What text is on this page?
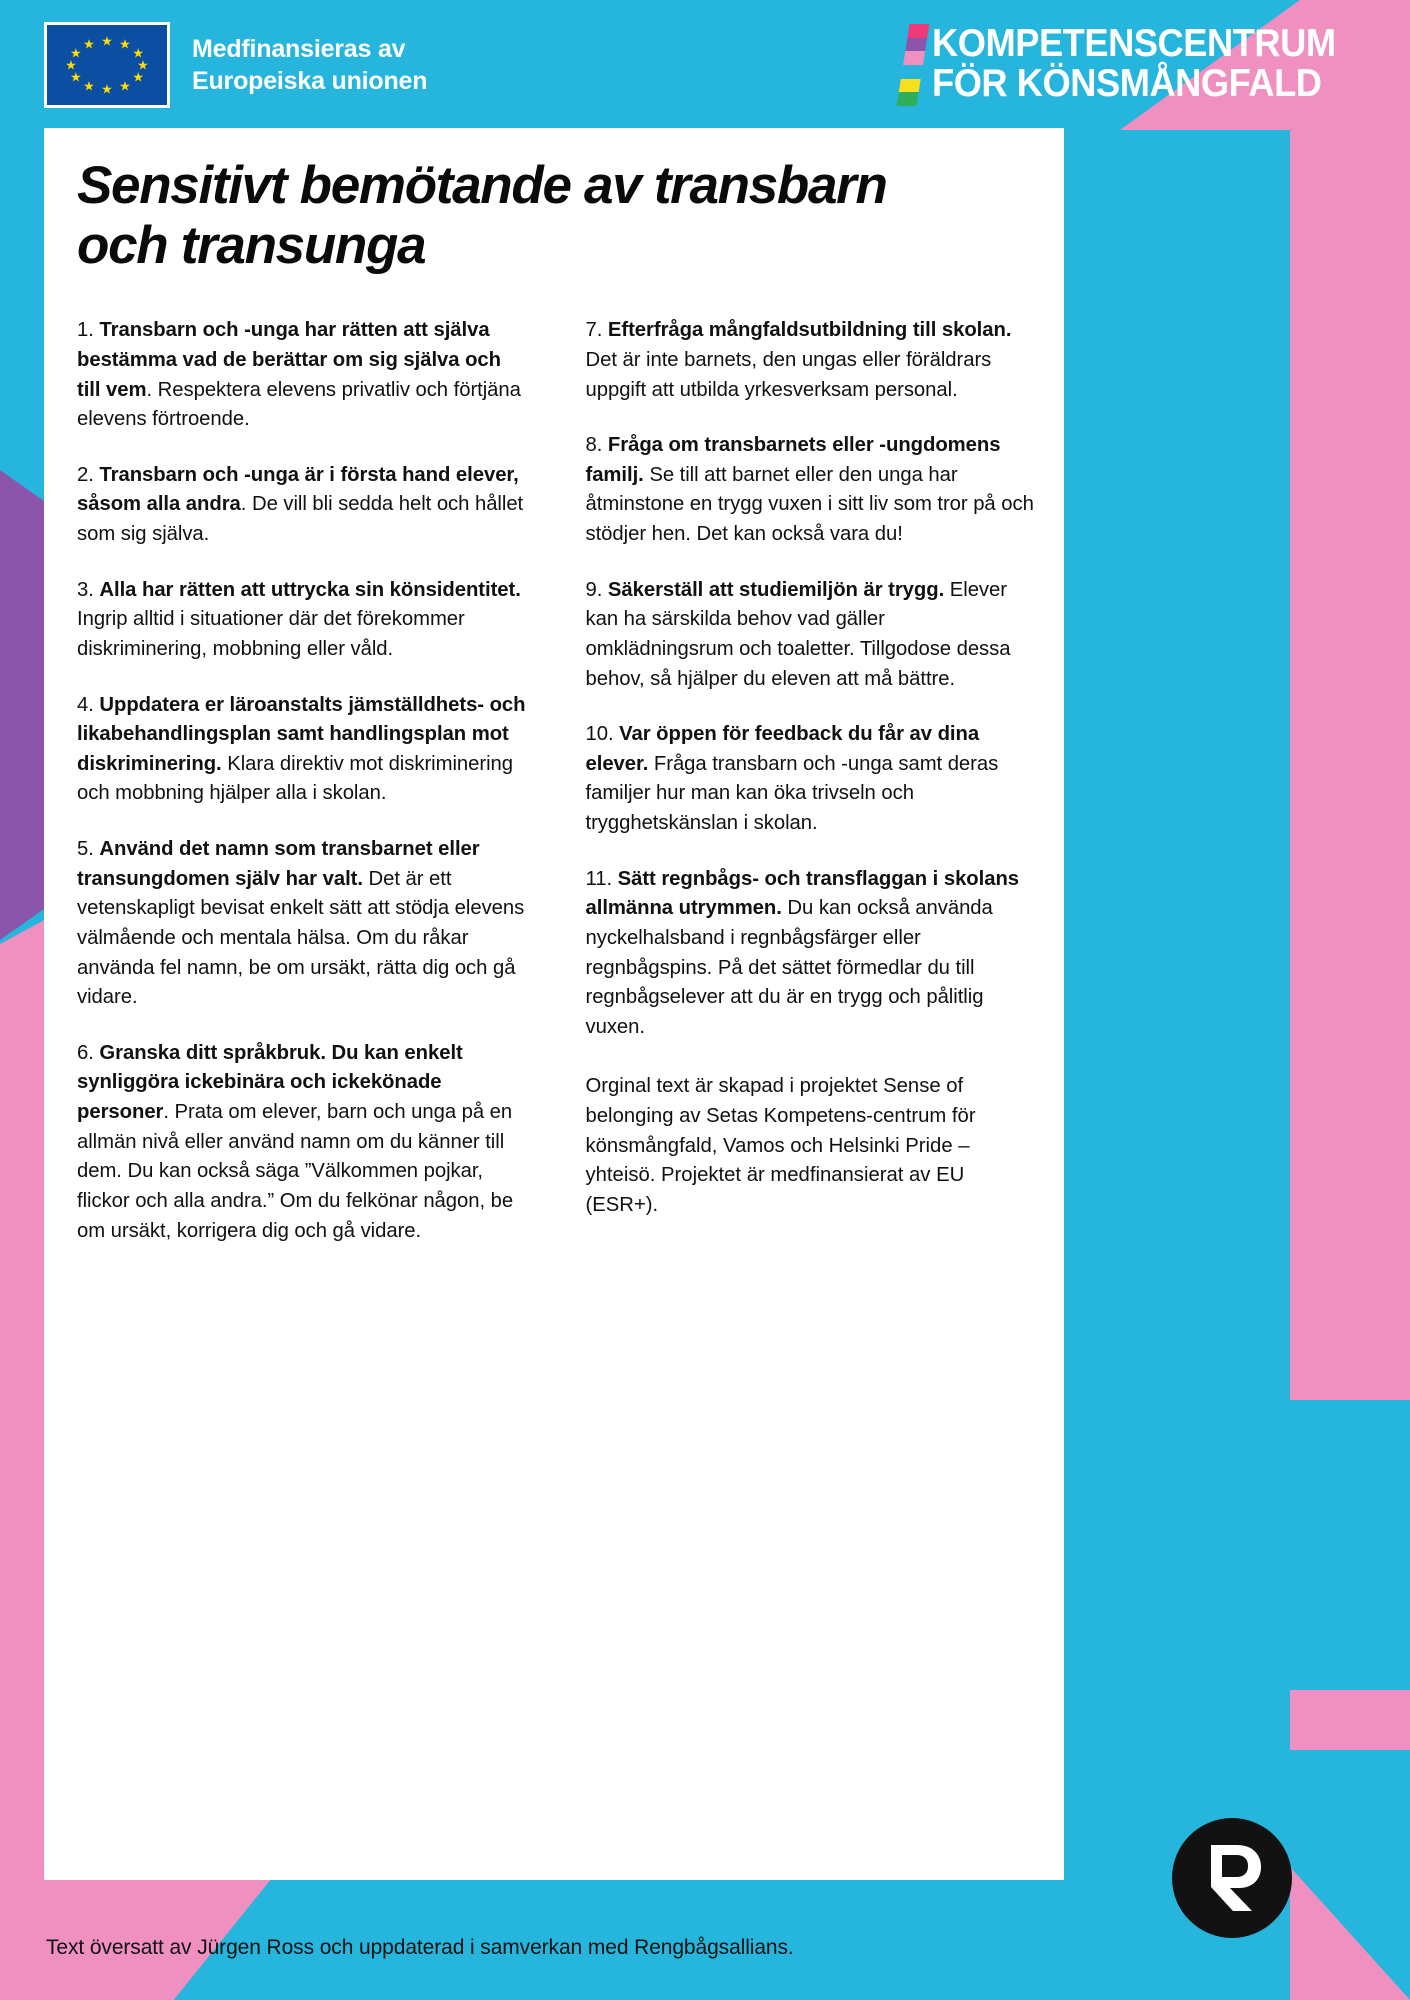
★ ★
★
★
★
★
★
★
★
★
★
★	Medfinansieras av
Europeiska unionen
KOMPETENSCENTRUM
FÖR KÖNSMÅNGFALD
Sensitivt bemötande av transbarn och transunga

1. Transbarn och -unga har rätten att själva bestämma vad de berättar om sig själva och till vem. Respektera elevens privatliv och förtjäna elevens förtroende.

2. Transbarn och -unga är i första hand elever, såsom alla andra. De vill bli sedda helt och hållet som sig själva.

3. Alla har rätten att uttrycka sin könsidentitet. Ingrip alltid i situationer där det förekommer diskriminering, mobbning eller våld.

4. Uppdatera er läroanstalts jämställdhets- och likabehandlingsplan samt handlingsplan mot diskriminering. Klara direktiv mot diskriminering och mobbning hjälper alla i skolan.

5. Använd det namn som transbarnet eller transungdomen själv har valt. Det är ett vetenskapligt bevisat enkelt sätt att stödja elevens välmående och mentala hälsa. Om du råkar använda fel namn, be om ursäkt, rätta dig och gå vidare.

6. Granska ditt språkbruk. Du kan enkelt synliggöra ickebinära och ickekönade personer. Prata om elever, barn och unga på en allmän nivå eller använd namn om du känner till dem. Du kan också säga ”Välkommen pojkar, flickor och alla andra.” Om du felkönar någon, be om ursäkt, korrigera dig och gå vidare.

7. Efterfråga mångfaldsutbildning till skolan. Det är inte barnets, den ungas eller föräldrars uppgift att utbilda yrkesverksam personal.

8. Fråga om transbarnets eller -ungdomens familj. Se till att barnet eller den unga har åtminstone en trygg vuxen i sitt liv som tror på och stödjer hen. Det kan också vara du!

9. Säkerställ att studiemiljön är trygg. Elever kan ha särskilda behov vad gäller omklädningsrum och toaletter. Tillgodose dessa behov, så hjälper du eleven att må bättre.

10. Var öppen för feedback du får av dina elever. Fråga transbarn och -unga samt deras familjer hur man kan öka trivseln och trygghetskänslan i skolan.

11. Sätt regnbågs- och transflaggan i skolans allmänna utrymmen. Du kan också använda nyckelhalsband i regnbågsfärger eller regnbågspins. På det sättet förmedlar du till regnbågselever att du är en trygg och pålitlig vuxen.

Orginal text är skapad i projektet Sense of belonging av Setas Kompetens-centrum för könsmångfald, Vamos och Helsinki Pride –yhteisö. Projektet är medfinansierat av EU (ESR+).

Text översatt av Jürgen Ross och uppdaterad i samverkan med Rengbågsallians.
